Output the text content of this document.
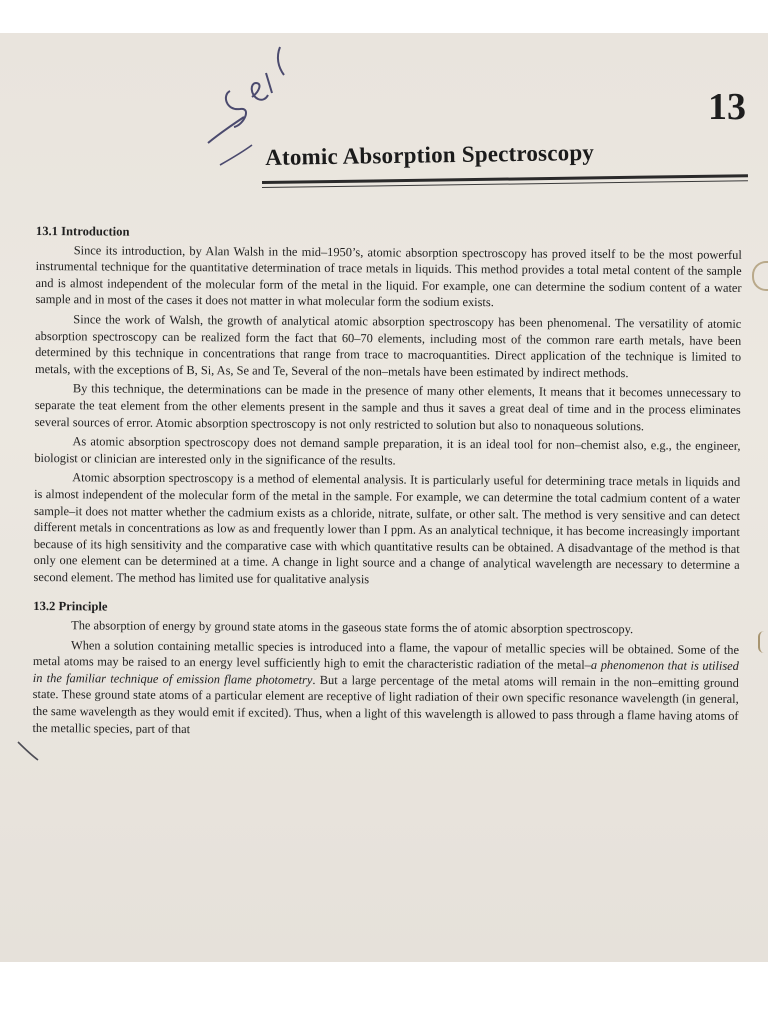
13
Atomic Absorption Spectroscopy
13.1 Introduction

Since its introduction, by Alan Walsh in the mid–1950’s, atomic absorption spectroscopy has proved itself to be the most powerful instrumental technique for the quantitative determination of trace metals in liquids. This method provides a total metal content of the sample and is almost independent of the molecular form of the metal in the liquid. For example, one can determine the sodium content of a water sample and in most of the cases it does not matter in what molecular form the sodium exists.

Since the work of Walsh, the growth of analytical atomic absorption spectroscopy has been phenomenal. The versatility of atomic absorption spectroscopy can be realized form the fact that 60–70 elements, including most of the common rare earth metals, have been determined by this technique in concentrations that range from trace to macroquantities. Direct application of the technique is limited to metals, with the exceptions of B, Si, As, Se and Te, Several of the non–metals have been estimated by indirect methods.

By this technique, the determinations can be made in the presence of many other elements, It means that it becomes unnecessary to separate the teat element from the other elements present in the sample and thus it saves a great deal of time and in the process eliminates several sources of error. Atomic absorption spectroscopy is not only restricted to solution but also to nonaqueous solutions.

As atomic absorption spectroscopy does not demand sample preparation, it is an ideal tool for non–chemist also, e.g., the engineer, biologist or clinician are interested only in the significance of the results.

Atomic absorption spectroscopy is a method of elemental analysis. It is particularly useful for determining trace metals in liquids and is almost independent of the molecular form of the metal in the sample. For example, we can determine the total cadmium content of a water sample–it does not matter whether the cadmium exists as a chloride, nitrate, sulfate, or other salt. The method is very sensitive and can detect different metals in concentrations as low as and frequently lower than I ppm. As an analytical technique, it has become increasingly important because of its high sensitivity and the comparative case with which quantitative results can be obtained. A disadvantage of the method is that only one element can be determined at a time. A change in light source and a change of analytical wavelength are necessary to determine a second element. The method has limited use for qualitative analysis

13.2 Principle

The absorption of energy by ground state atoms in the gaseous state forms the of atomic absorption spectroscopy.

When a solution containing metallic species is introduced into a flame, the vapour of metallic species will be obtained. Some of the metal atoms may be raised to an energy level sufficiently high to emit the characteristic radiation of the metal–a phenomenon that is utilised in the familiar technique of emission flame photometry. But a large percentage of the metal atoms will remain in the non–emitting ground state. These ground state atoms of a particular element are receptive of light radiation of their own specific resonance wavelength (in general, the same wavelength as they would emit if excited). Thus, when a light of this wavelength is allowed to pass through a flame having atoms of the metallic species, part of that
